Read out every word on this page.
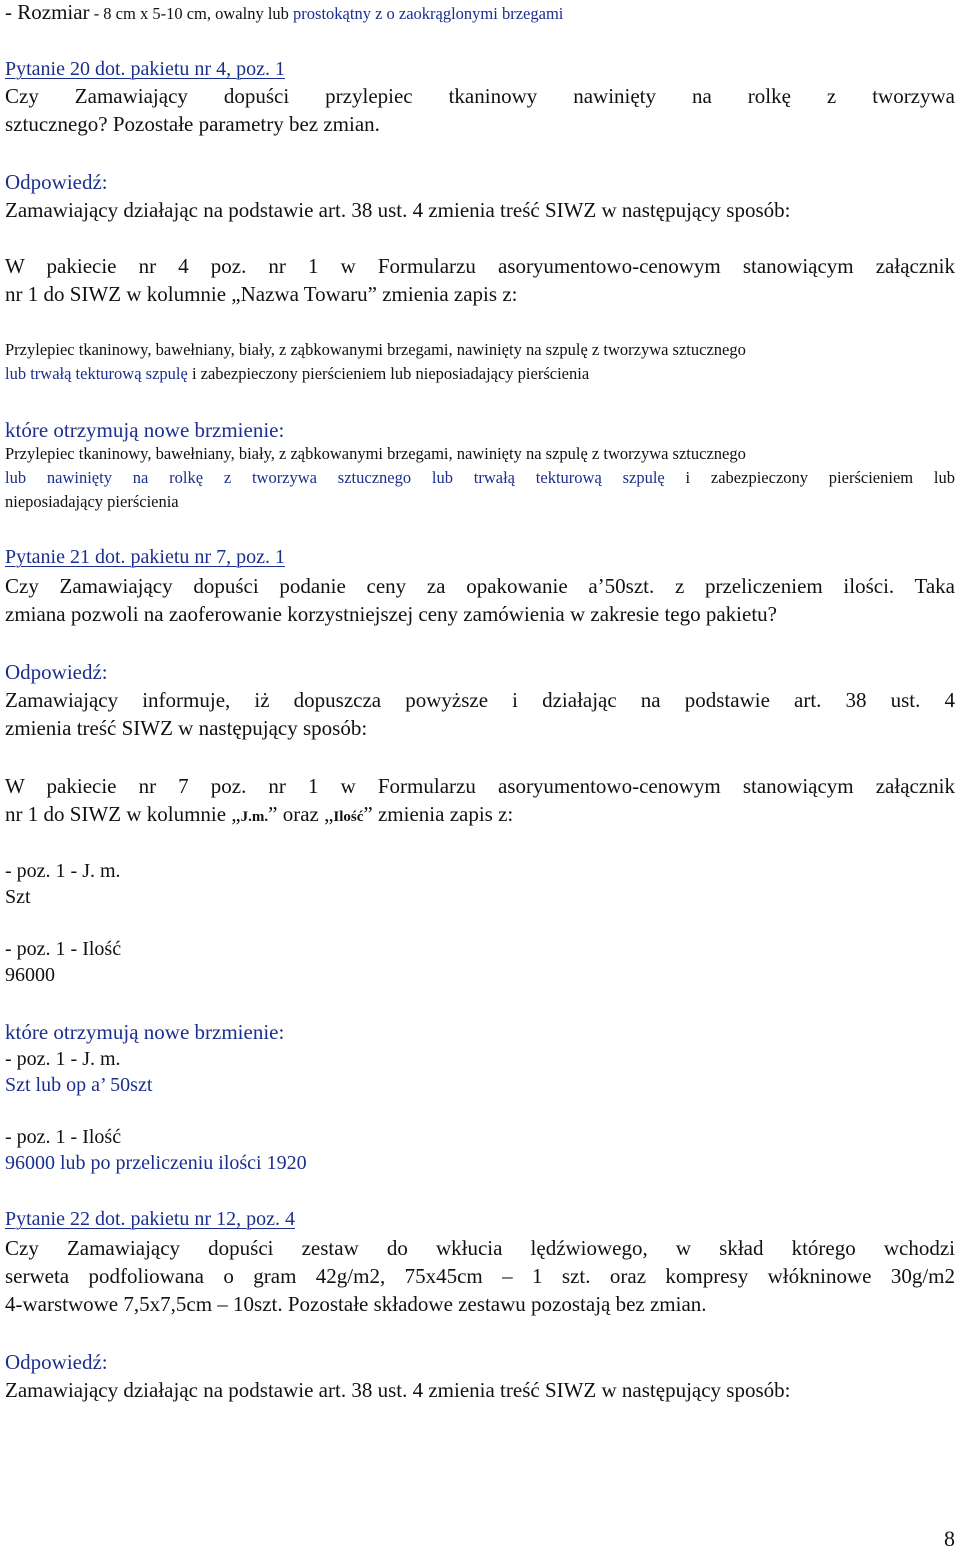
- Rozmiar - 8 cm x 5-10 cm, owalny lub prostokątny z o zaokrąglonymi brzegami
Pytanie 20 dot. pakietu nr 4, poz. 1
Czy Zamawiający dopuści przylepiec tkaninowy nawinięty na rolkę z tworzywa
sztucznego? Pozostałe parametry bez zmian.
Odpowiedź:
Zamawiający działając na podstawie art. 38 ust. 4 zmienia treść SIWZ w następujący sposób:
W pakiecie nr 4 poz. nr 1 w Formularzu asoryumentowo-cenowym stanowiącym załącznik
nr 1 do SIWZ w kolumnie „Nazwa Towaru” zmienia zapis z:
Przylepiec tkaninowy, bawełniany, biały, z ząbkowanymi brzegami, nawinięty na szpulę z tworzywa sztucznego
lub trwałą tekturową szpulę i zabezpieczony pierścieniem lub nieposiadający pierścienia
które otrzymują nowe brzmienie:
Przylepiec tkaninowy, bawełniany, biały, z ząbkowanymi brzegami, nawinięty na szpulę z tworzywa sztucznego
lub nawinięty na rolkę z tworzywa sztucznego lub trwałą tekturową szpulę i zabezpieczony pierścieniem lub
nieposiadający pierścienia
Pytanie 21 dot. pakietu nr 7, poz. 1
Czy Zamawiający dopuści podanie ceny za opakowanie a’50szt. z przeliczeniem ilości. Taka
zmiana pozwoli na zaoferowanie korzystniejszej ceny zamówienia w zakresie tego pakietu?
Odpowiedź:
Zamawiający informuje, iż dopuszcza powyższe i działając na podstawie art. 38 ust. 4
zmienia treść SIWZ w następujący sposób:
W pakiecie nr 7 poz. nr 1 w Formularzu asoryumentowo-cenowym stanowiącym załącznik
nr 1 do SIWZ w kolumnie „J.m.” oraz „Ilość” zmienia zapis z:
- poz. 1 - J. m.
Szt
- poz. 1 - Ilość
96000
które otrzymują nowe brzmienie:
- poz. 1 - J. m.
Szt lub op a’ 50szt
- poz. 1 - Ilość
96000 lub po przeliczeniu ilości 1920
Pytanie 22 dot. pakietu nr 12, poz. 4
Czy Zamawiający dopuści zestaw do wkłucia lędźwiowego, w skład którego wchodzi
serweta podfoliowana o gram 42g/m2, 75x45cm – 1 szt. oraz kompresy włókninowe 30g/m2
4-warstwowe 7,5x7,5cm – 10szt. Pozostałe składowe zestawu pozostają bez zmian.
Odpowiedź:
Zamawiający działając na podstawie art. 38 ust. 4 zmienia treść SIWZ w następujący sposób:
8
